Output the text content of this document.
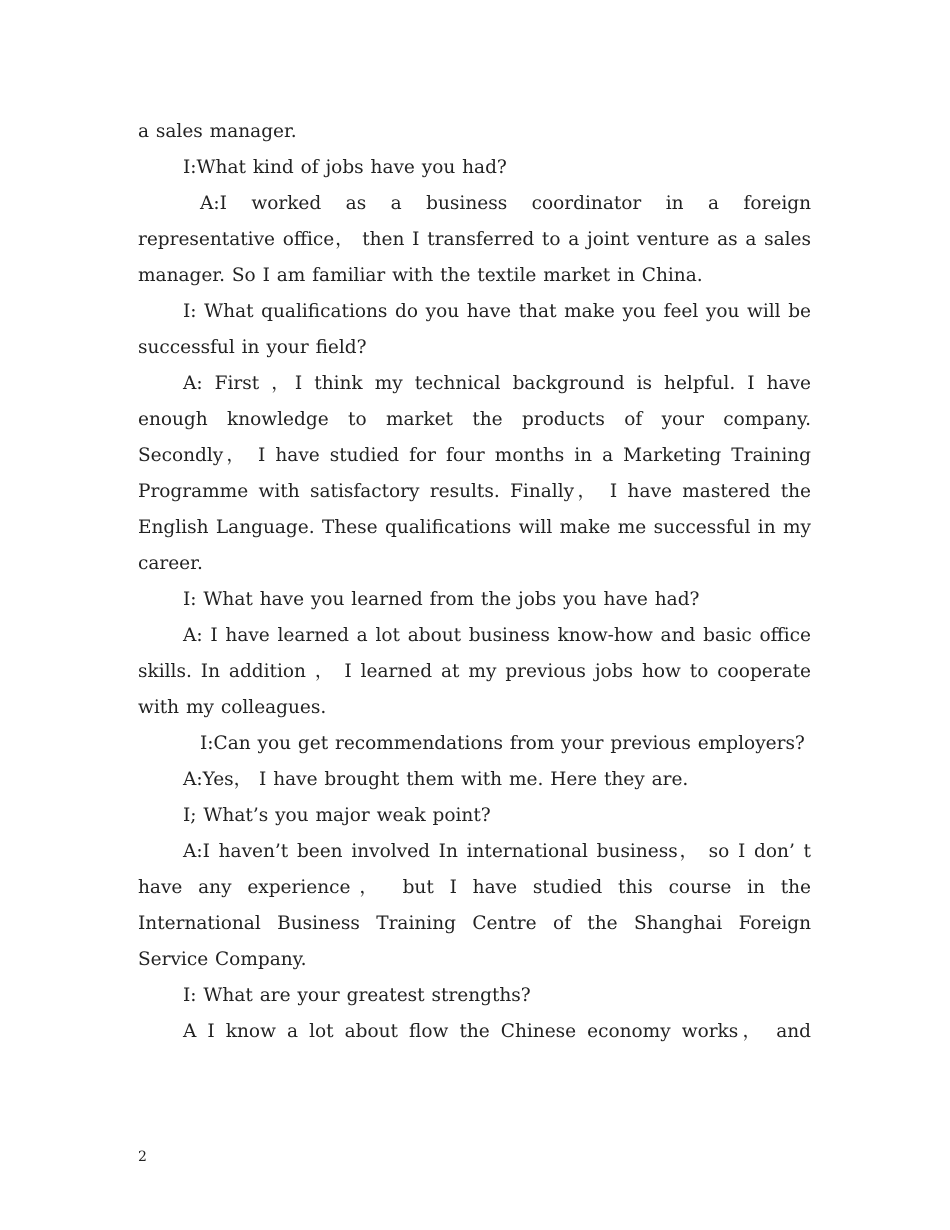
a sales manager.

I:What kind of jobs have you had?

A:I worked as a business coordinator in a foreign representative office， then I transferred to a joint venture as a sales manager. So I am familiar with the textile market in China.

I: What qualifications do you have that make you feel you will be successful in your field?

A: First ，I think my technical background is helpful. I have enough knowledge to market the products of your company. Secondly， I have studied for four months in a Marketing Training Programme with satisfactory results. Finally， I have mastered the English Language. These qualifications will make me successful in my career.

I: What have you learned from the jobs you have had?

A: I have learned a lot about business know-how and basic office skills. In addition ， I learned at my previous jobs how to cooperate with my colleagues.

I:Can you get recommendations from your previous employers?

A:Yes， I have brought them with me. Here they are.

I; What’s you major weak point?

A:I haven’t been involved In international business， so I don’ t have any experience， but I have studied this course in the International Business Training Centre of the Shanghai Foreign Service Company.

I: What are your greatest strengths?

A I know a lot about flow the Chinese economy works， and

2
